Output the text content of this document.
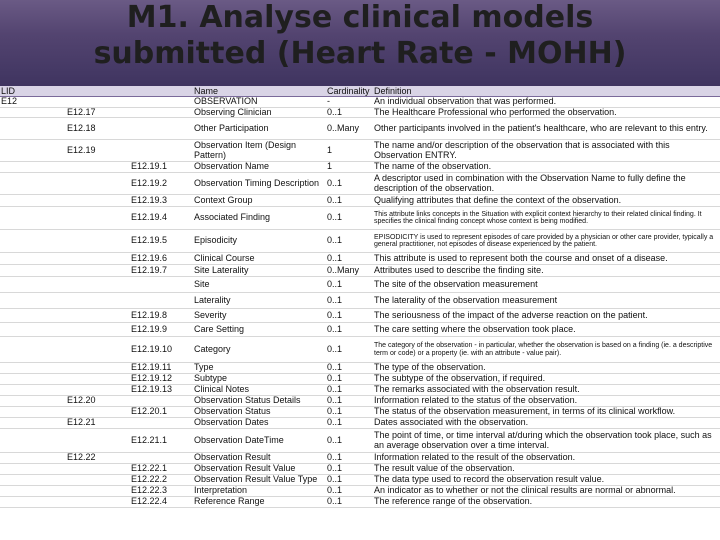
M1. Analyse clinical models
submitted (Heart Rate - MOHH)
LID			Name	Cardinality	Definition
E12			OBSERVATION	-	An individual observation that was performed.
	E12.17		Observing Clinician	0..1	The Healthcare Professional who performed the observation.
	E12.18		Other Participation	0..Many	Other participants involved in the patient's healthcare, who are relevant to this entry.
	E12.19		Observation Item (Design Pattern)	1	The name and/or description of the observation that is associated with this Observation ENTRY.
		E12.19.1	Observation Name	1	The name of the observation.
		E12.19.2	Observation Timing Description	0..1	A descriptor used in combination with the Observation Name to fully define the description of the observation.
		E12.19.3	Context Group	0..1	Qualifying attributes that define the context of the observation.
		E12.19.4	Associated Finding	0..1	This attribute links concepts in the Situation with explicit context hierarchy to their related clinical finding. It specifies the clinical finding concept whose context is being modified.
		E12.19.5	Episodicity	0..1	EPISODICITY is used to represent episodes of care provided by a physician or other care provider, typically a general practitioner, not episodes of disease experienced by the patient.
		E12.19.6	Clinical Course	0..1	This attribute is used to represent both the course and onset of a disease.
		E12.19.7	Site Laterality	0..Many	Attributes used to describe the finding site.
			Site	0..1	The site of the observation measurement
			Laterality	0..1	The laterality of the observation measurement
		E12.19.8	Severity	0..1	The seriousness of the impact of the adverse reaction on the patient.
		E12.19.9	Care Setting	0..1	The care setting where the observation took place.
		E12.19.10	Category	0..1	The category of the observation - in particular, whether the observation is based on a finding (ie. a descriptive term or code) or a property (ie. with an attribute - value pair).
		E12.19.11	Type	0..1	The type of the observation.
		E12.19.12	Subtype	0..1	The subtype of the observation, if required.
		E12.19.13	Clinical Notes	0..1	The remarks associated with the observation result.
	E12.20		Observation Status Details	0..1	Information related to the status of the observation.
		E12.20.1	Observation Status	0..1	The status of the observation measurement, in terms of its clinical workflow.
	E12.21		Observation Dates	0..1	Dates associated with the observation.
		E12.21.1	Observation DateTime	0..1	The point of time, or time interval at/during which the observation took place, such as an average observation over a time interval.
	E12.22		Observation Result	0..1	Information related to the result of the observation.
		E12.22.1	Observation Result Value	0..1	The result value of the observation.
		E12.22.2	Observation Result Value Type	0..1	The data type used to record the observation result value.
		E12.22.3	Interpretation	0..1	An indicator as to whether or not the clinical results are normal or abnormal.
		E12.22.4	Reference Range	0..1	The reference range of the observation.
